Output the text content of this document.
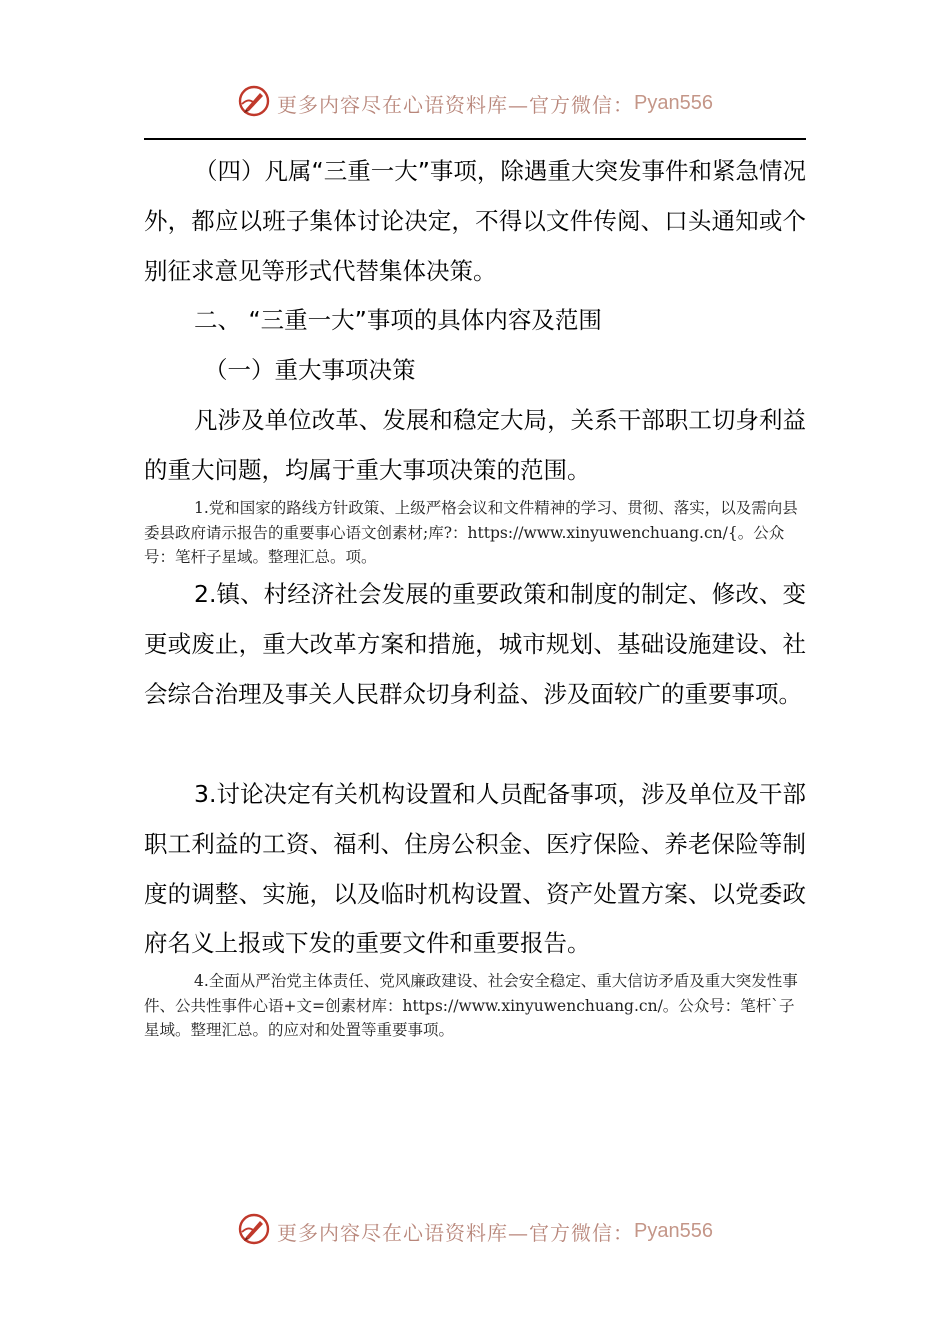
更多内容尽在心语资料库—官方微信：Pyan556

（四）凡属“三重一大”事项，除遇重大突发事件和紧急情况外，都应以班子集体讨论决定，不得以文件传阅、口头通知或个别征求意见等形式代替集体决策。

二、 “三重一大”事项的具体内容及范围

（一）重大事项决策

凡涉及单位改革、发展和稳定大局，关系干部职工切身利益的重大问题，均属于重大事项决策的范围。

1.党和国家的路线方针政策、上级严格会议和文件精神的学习、贯彻、落实，以及需向县委县政府请示报告的重要事心语文创素材;库?：https://www.xinyuwenchuang.cn/{。公众号：笔杆子星域。整理汇总。项。

2.镇、村经济社会发展的重要政策和制度的制定、修改、变更或废止，重大改革方案和措施，城市规划、基础设施建设、社会综合治理及事关人民群众切身利益、涉及面较广的重要事项。

3.讨论决定有关机构设置和人员配备事项，涉及单位及干部职工利益的工资、福利、住房公积金、医疗保险、养老保险等制度的调整、实施，以及临时机构设置、资产处置方案、以党委政府名义上报或下发的重要文件和重要报告。

4.全面从严治党主体责任、党风廉政建设、社会安全稳定、重大信访矛盾及重大突发性事件、公共性事件心语+文=创素材库：https://www.xinyuwenchuang.cn/。公众号：笔杆`子星域。整理汇总。的应对和处置等重要事项。

更多内容尽在心语资料库—官方微信：Pyan556
